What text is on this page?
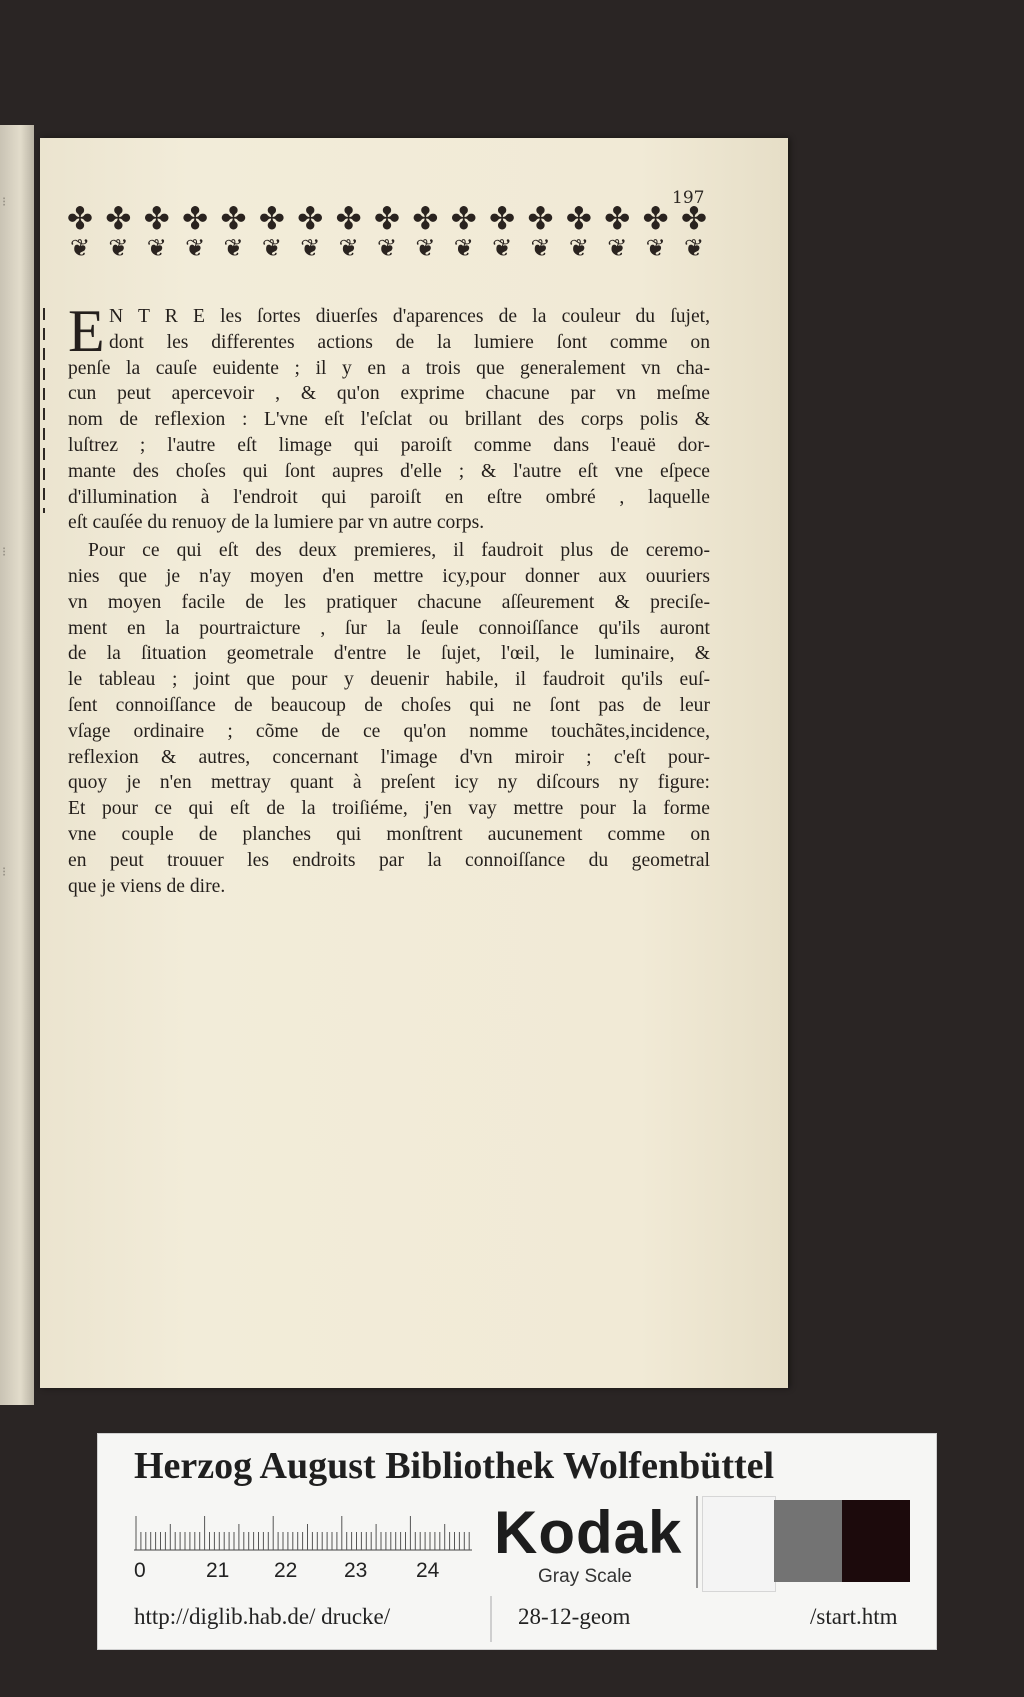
⁝
⁝
⁝
197
✤ ✤ ✤ ✤ ✤ ✤ ✤ ✤ ✤ ✤ ✤ ✤ ✤ ✤ ✤ ✤ ✤
❦ ❦ ❦ ❦ ❦ ❦ ❦ ❦ ❦ ❦ ❦ ❦ ❦ ❦ ❦ ❦ ❦
E N T R E les ſortes diuerſes d'aparences de la couleur du ſujet,
dont les differentes actions de la lumiere ſont comme on
penſe la cauſe euidente ; il y en a trois que generalement vn cha-
cun peut apercevoir , & qu'on exprime chacune par vn meſme
nom de reflexion : L'vne eſt l'eſclat ou brillant des corps polis &
luſtrez ; l'autre eſt limage qui paroiſt comme dans l'eauë dor-
mante des choſes qui ſont aupres d'elle ; & l'autre eſt vne eſpece
d'illumination à l'endroit qui paroiſt en eſtre ombré , laquelle
eſt cauſée du renuoy de la lumiere par vn autre corps.
Pour ce qui eſt des deux premieres, il faudroit plus de ceremo-
nies que je n'ay moyen d'en mettre icy,pour donner aux ouuriers
vn moyen facile de les pratiquer chacune aſſeurement & preciſe-
ment en la pourtraicture , ſur la ſeule connoiſſance qu'ils auront
de la ſituation geometrale d'entre le ſujet, l'œil, le luminaire, &
le tableau ; joint que pour y deuenir habile, il faudroit qu'ils euſ-
ſent connoiſſance de beaucoup de choſes qui ne ſont pas de leur
vſage ordinaire ; cõme de ce qu'on nomme touchãtes,incidence,
reflexion & autres, concernant l'image d'vn miroir ; c'eſt pour-
quoy je n'en mettray quant à preſent icy ny diſcours ny figure:
Et pour ce qui eſt de la troiſiéme, j'en vay mettre pour la forme
vne couple de planches qui monſtrent aucunement comme on
en peut trouuer les endroits par la connoiſſance du geometral
que je viens de dire.
Herzog August Bibliothek Wolfenbüttel
0	21 22 23 24
Kodak
Gray Scale
http://diglib.hab.de/ drucke/	28-12-geom	/start.htm
